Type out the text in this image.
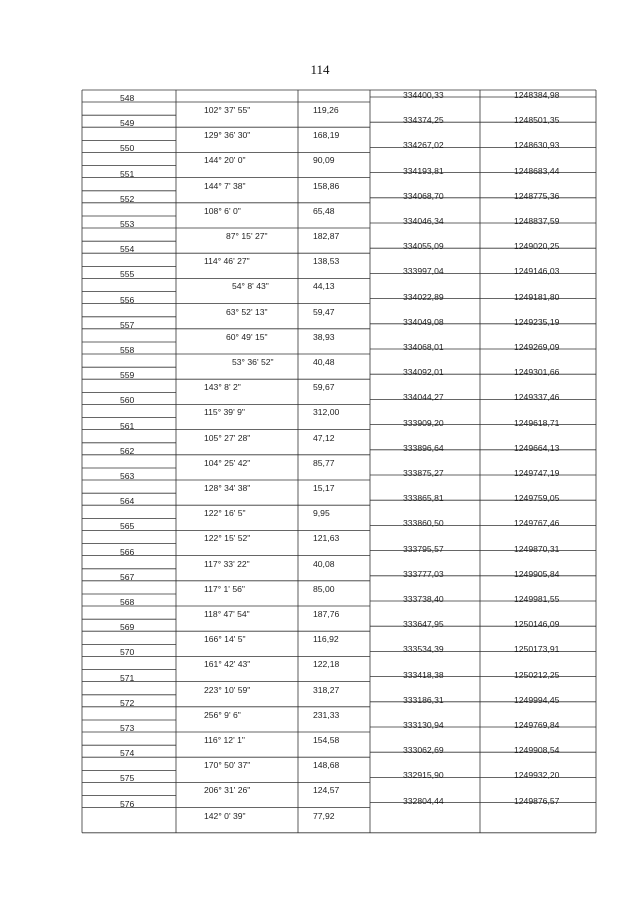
114
548	334400,33	1248384,98
102° 37' 55"	119,26
549	334374,25	1248501,35
129° 36' 30"	168,19
550	334267,02	1248630,93
144° 20' 0"	90,09
551	334193,81	1248683,44
144° 7' 38"	158,86
552	334068,70	1248775,36
108° 6' 0"	65,48
553	334046,34	1248837,59
87° 15' 27"	182,87
554	334055,09	1249020,25
114° 46' 27"	138,53
555	333997,04	1249146,03
54° 8' 43"	44,13
556	334022,89	1249181,80
63° 52' 13"	59,47
557	334049,08	1249235,19
60° 49' 15"	38,93
558	334068,01	1249269,09
53° 36' 52"	40,48
559	334092,01	1249301,66
143° 8' 2"	59,67
560	334044,27	1249337,46
115° 39' 9"	312,00
561	333909,20	1249618,71
105° 27' 28"	47,12
562	333896,64	1249664,13
104° 25' 42"	85,77
563	333875,27	1249747,19
128° 34' 38"	15,17
564	333865,81	1249759,05
122° 16' 5"	9,95
565	333860,50	1249767,46
122° 15' 52"	121,63
566	333795,57	1249870,31
117° 33' 22"	40,08
567	333777,03	1249905,84
117° 1' 56"	85,00
568	333738,40	1249981,55
118° 47' 54"	187,76
569	333647,95	1250146,09
166° 14' 5"	116,92
570	333534,39	1250173,91
161° 42' 43"	122,18
571	333418,38	1250212,25
223° 10' 59"	318,27
572	333186,31	1249994,45
256° 9' 6"	231,33
573	333130,94	1249769,84
116° 12' 1"	154,58
574	333062,69	1249908,54
170° 50' 37"	148,68
575	332915,90	1249932,20
206° 31' 26"	124,57
576	332804,44	1249876,57
142° 0' 39"	77,92
